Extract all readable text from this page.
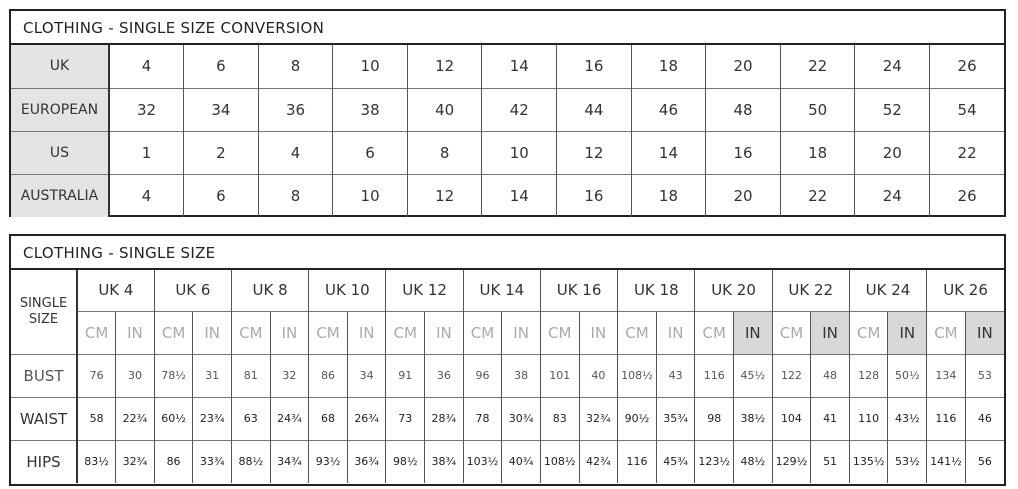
CLOTHING - SINGLE SIZE CONVERSION
UK	4	6	8	10	12	14	16	18	20	22	24	26
EUROPEAN	32	34	36	38	40	42	44	46	48	50	52	54
US	1	2	4	6	8	10	12	14	16	18	20	22
AUSTRALIA	4	6	8	10	12	14	16	18	20	22	24	26
CLOTHING - SINGLE SIZE
SINGLE SIZE	UK 4		UK 6		UK 8		UK 10		UK 12		UK 14		UK 16		UK 18		UK 20		UK 22		UK 24		UK 26	
	CM	IN	CM	IN	CM	IN	CM	IN	CM	IN	CM	IN	CM	IN	CM	IN	CM	IN	CM	IN	CM	IN	CM	IN
BUST	76	30	78½	31	81	32	86	34	91	36	96	38	101	40	108½	43	116	45½	122	48	128	50½	134	53
WAIST	58	22¾	60½	23¾	63	24¾	68	26¾	73	28¾	78	30¾	83	32¾	90½	35¾	98	38½	104	41	110	43½	116	46
HIPS	83½	32¾	86	33¾	88½	34¾	93½	36¾	98½	38¾	103½	40¾	108½	42¾	116	45¾	123½	48½	129½	51	135½	53½	141½	56
